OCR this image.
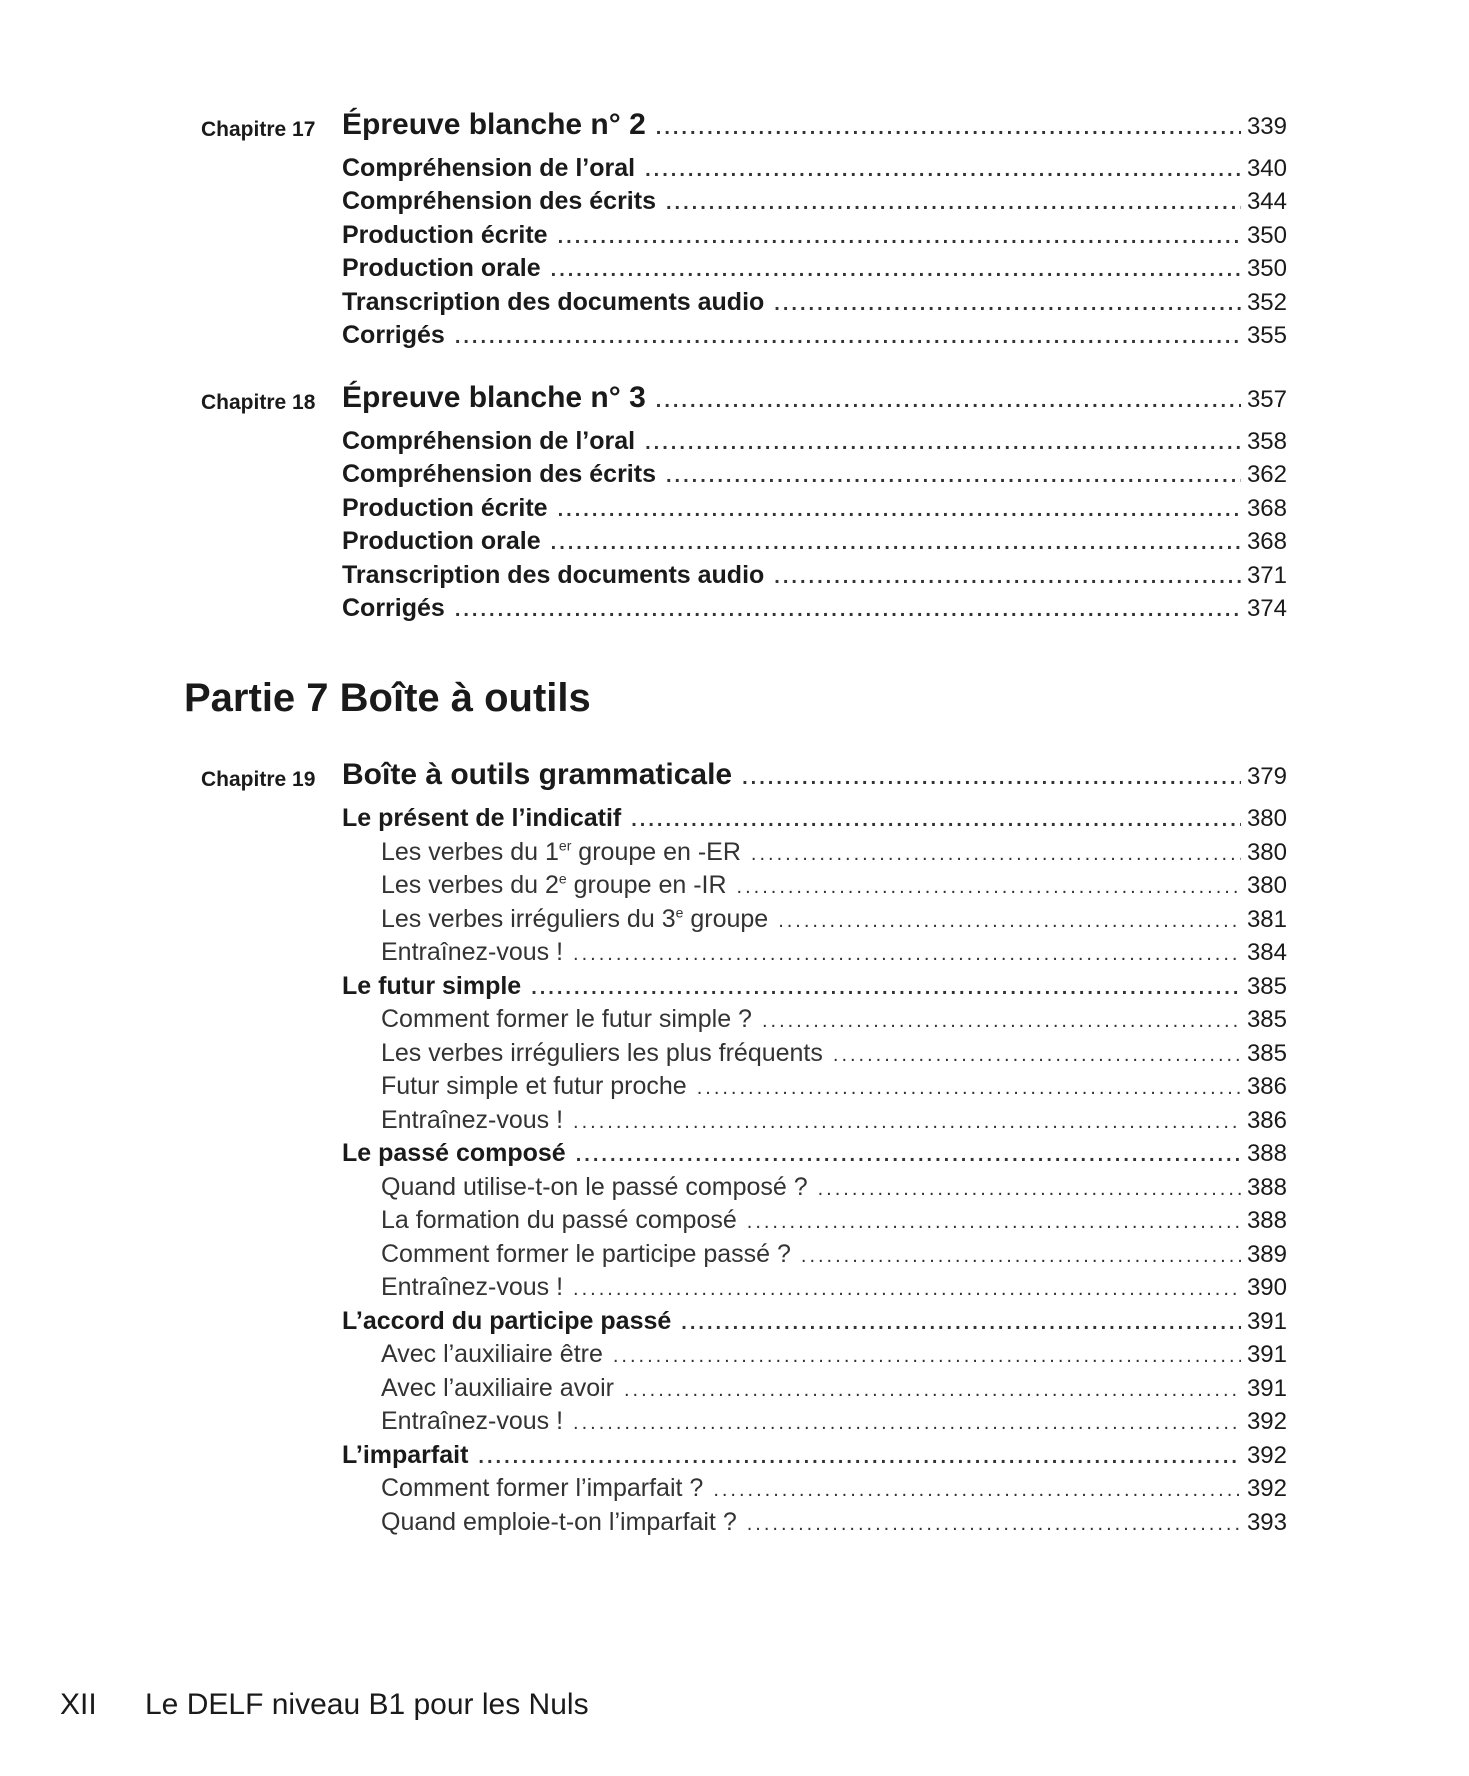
Chapitre 17 Épreuve blanche n° 2 .....	339
Compréhension de l’oral .....	340
Compréhension des écrits .....	344
Production écrite .....	350
Production orale .....	350
Transcription des documents audio .....	352
Corrigés .....	355
Chapitre 18 Épreuve blanche n° 3 .....	357
Compréhension de l’oral .....	358
Compréhension des écrits .....	362
Production écrite .....	368
Production orale .....	368
Transcription des documents audio .....	371
Corrigés .....	374
Partie 7 Boîte à outils
Chapitre 19 Boîte à outils grammaticale .....	379
Le présent de l’indicatif .....	380
Les verbes du 1er groupe en -ER .....	380
Les verbes du 2e groupe en -IR .....	380
Les verbes irréguliers du 3e groupe .....	381
Entraînez-vous ! .....	384
Le futur simple .....	385
Comment former le futur simple ? .....	385
Les verbes irréguliers les plus fréquents .....	385
Futur simple et futur proche .....	386
Entraînez-vous ! .....	386
Le passé composé .....	388
Quand utilise-t-on le passé composé ? .....	388
La formation du passé composé .....	388
Comment former le participe passé ? .....	389
Entraînez-vous ! .....	390
L’accord du participe passé .....	391
Avec l’auxiliaire être .....	391
Avec l’auxiliaire avoir .....	391
Entraînez-vous ! .....	392
L’imparfait .....	392
Comment former l’imparfait ? .....	392
Quand emploie-t-on l’imparfait ? .....	393
XII Le DELF niveau B1 pour les Nuls
